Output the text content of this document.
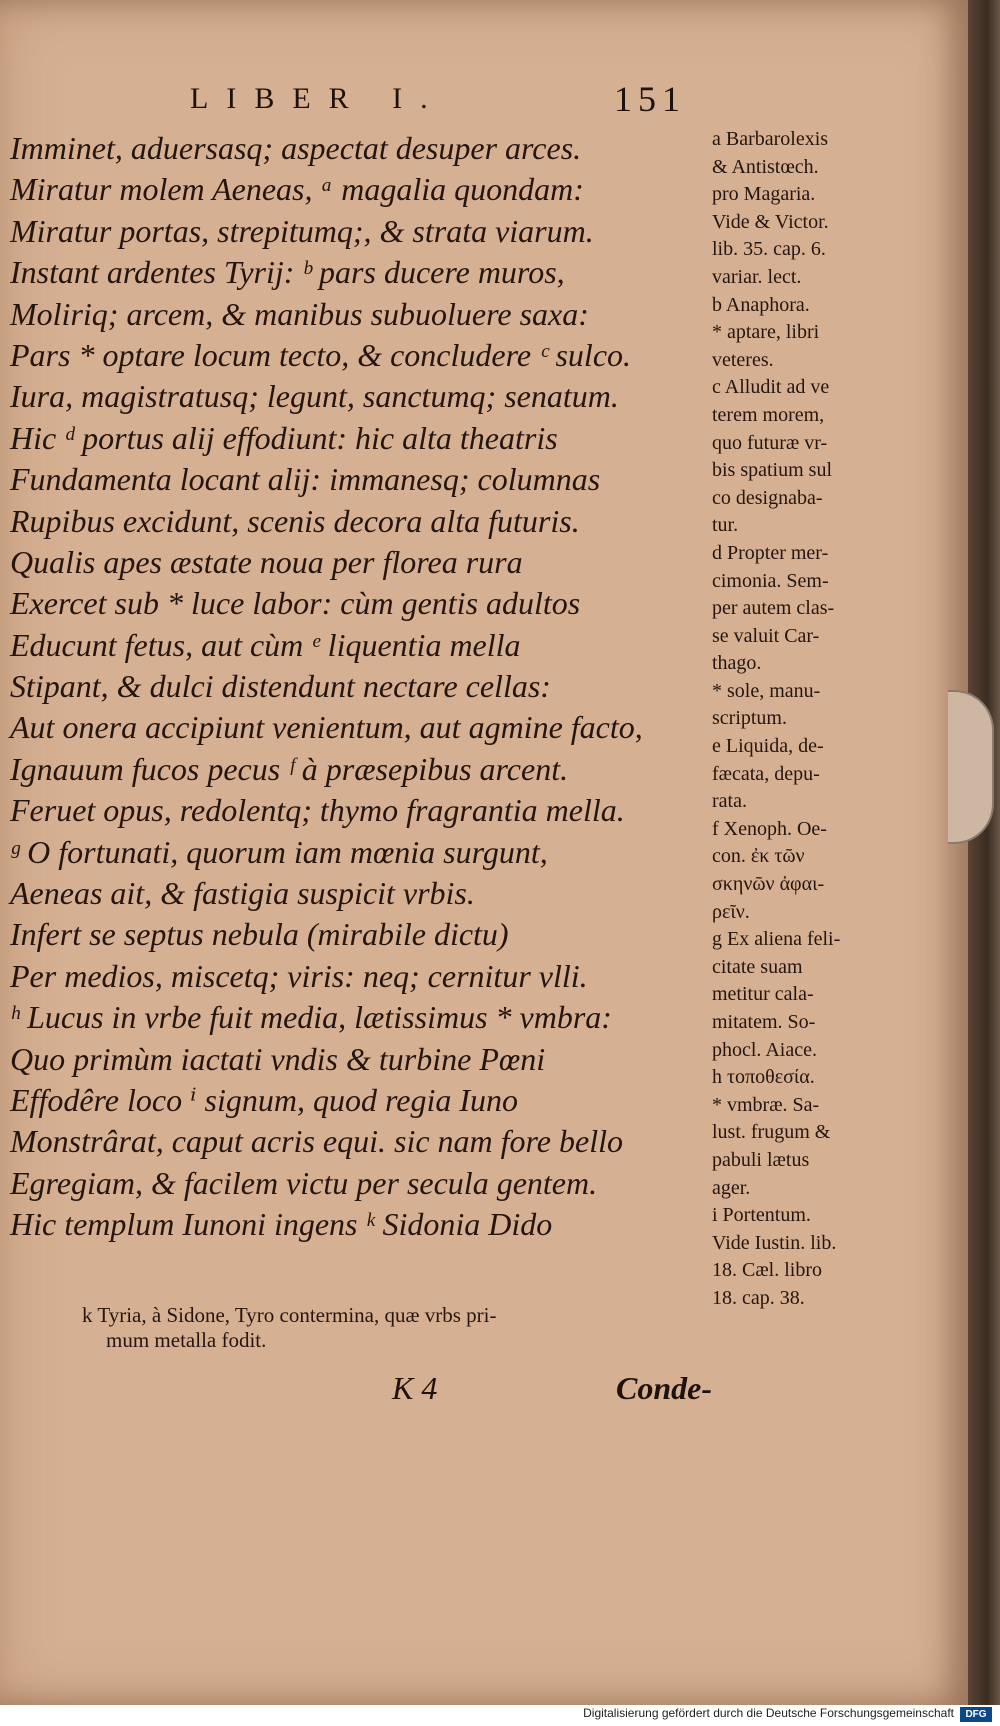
LIBER I.	151
Imminet, aduersasq; aspectat desuper arces.
Miratur molem Aeneas, ᵃ magalia quondam:
Miratur portas, strepitumq;, & strata viarum.
Instant ardentes Tyrij: ᵇ pars ducere muros,
Moliriq; arcem, & manibus subuoluere saxa:
Pars * optare locum tecto, & concludere ᶜ sulco.
Iura, magistratusq; legunt, sanctumq; senatum.
Hic ᵈ portus alij effodiunt: hic alta theatris
Fundamenta locant alij: immanesq; columnas
Rupibus excidunt, scenis decora alta futuris.
Qualis apes æstate noua per florea rura
Exercet sub * luce labor: cùm gentis adultos
Educunt fetus, aut cùm ᵉ liquentia mella
Stipant, & dulci distendunt nectare cellas:
Aut onera accipiunt venientum, aut agmine facto,
Ignauum fucos pecus ᶠ à præsepibus arcent.
Feruet opus, redolentq; thymo fragrantia mella.
ᵍ O fortunati, quorum iam mœnia surgunt,
Aeneas ait, & fastigia suspicit vrbis.
Infert se septus nebula (mirabile dictu)
Per medios, miscetq; viris: neq; cernitur vlli.
ʰ Lucus in vrbe fuit media, lætissimus * vmbra:
Quo primùm iactati vndis & turbine Pœni
Effodêre loco ⁱ signum, quod regia Iuno
Monstrârat, caput acris equi. sic nam fore bello
Egregiam, & facilem victu per secula gentem.
Hic templum Iunoni ingens ᵏ Sidonia Dido
a Barbarolexis
& Antistœch.
pro Magaria.
Vide & Victor.
lib. 35. cap. 6.
variar. lect.
b Anaphora.
* aptare, libri
veteres.
c Alludit ad ve
terem morem,
quo futuræ vr-
bis spatium sul
co designaba-
tur.
d Propter mer-
cimonia. Sem-
per autem clas-
se valuit Car-
thago.
* sole, manu-
scriptum.
e Liquida, de-
fæcata, depu-
rata.
f Xenoph. Oe-
con. ἐκ τῶν
σκηνῶν ἀφαι-
ρεῖν.
g Ex aliena feli-
citate suam
metitur cala-
mitatem. So-
phocl. Aiace.
h τοποθεσία.
* vmbræ. Sa-
lust. frugum &
pabuli lætus
ager.
i Portentum.
Vide Iustin. lib.
18. Cæl. libro
18. cap. 38.
k Tyria, à Sidone, Tyro contermina, quæ vrbs pri-
mum metalla fodit.
K 4	Conde-
Digitalisierung gefördert durch die Deutsche Forschungsgemeinschaft	DFG
